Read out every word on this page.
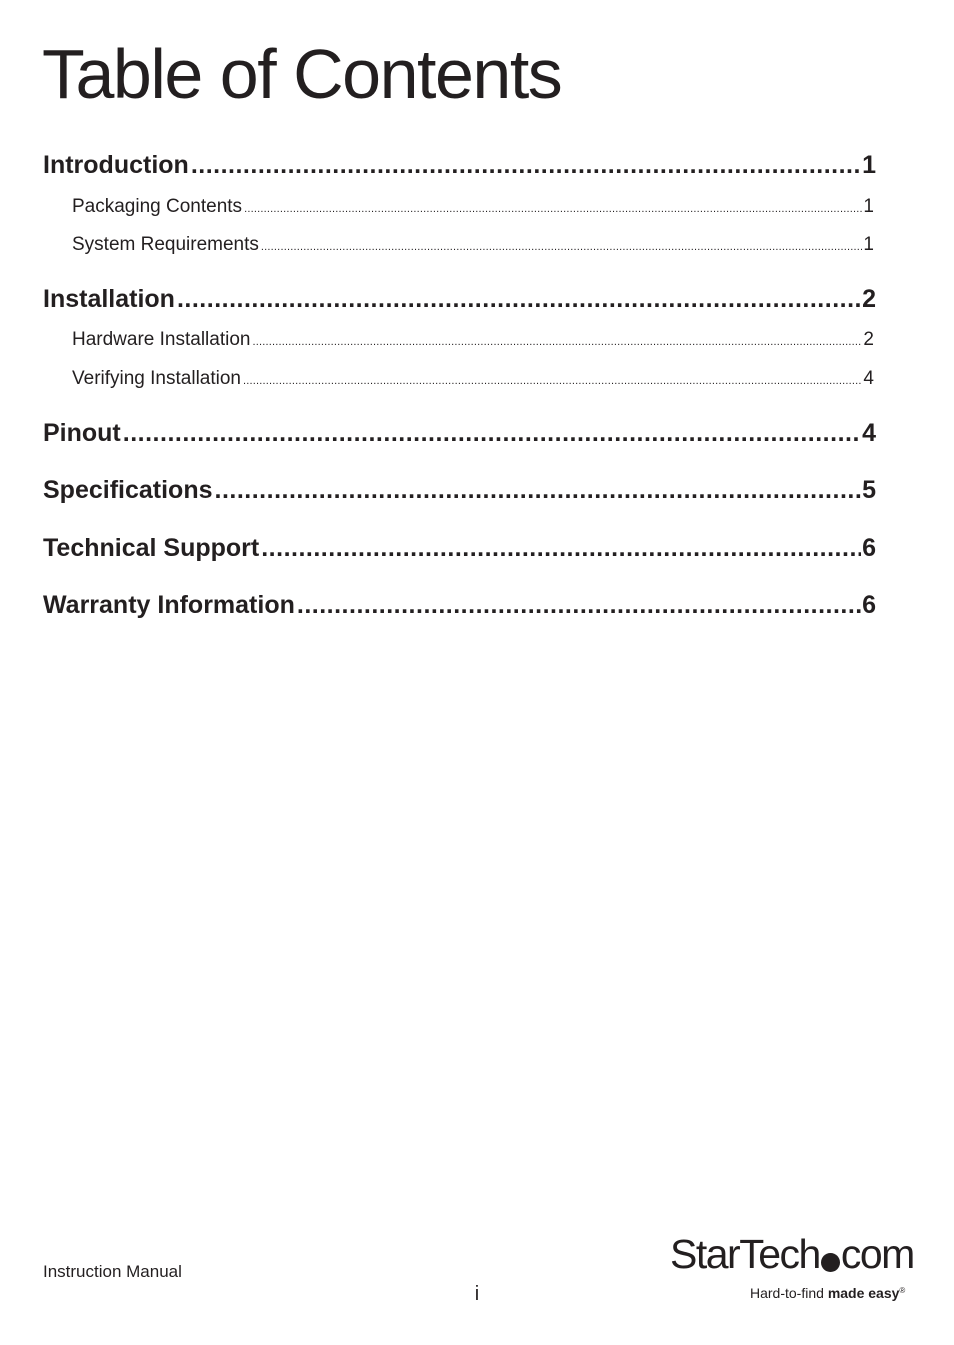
Table of Contents
Introduction .....	1
Packaging Contents .....	1
System Requirements .....	1
Installation .....	2
Hardware Installation .....	2
Verifying Installation .....	4
Pinout .....	4
Specifications .....	5
Technical Support .....	6
Warranty Information .....	6
Instruction Manual
i
StarTech com
Hard-to-find made easy®
